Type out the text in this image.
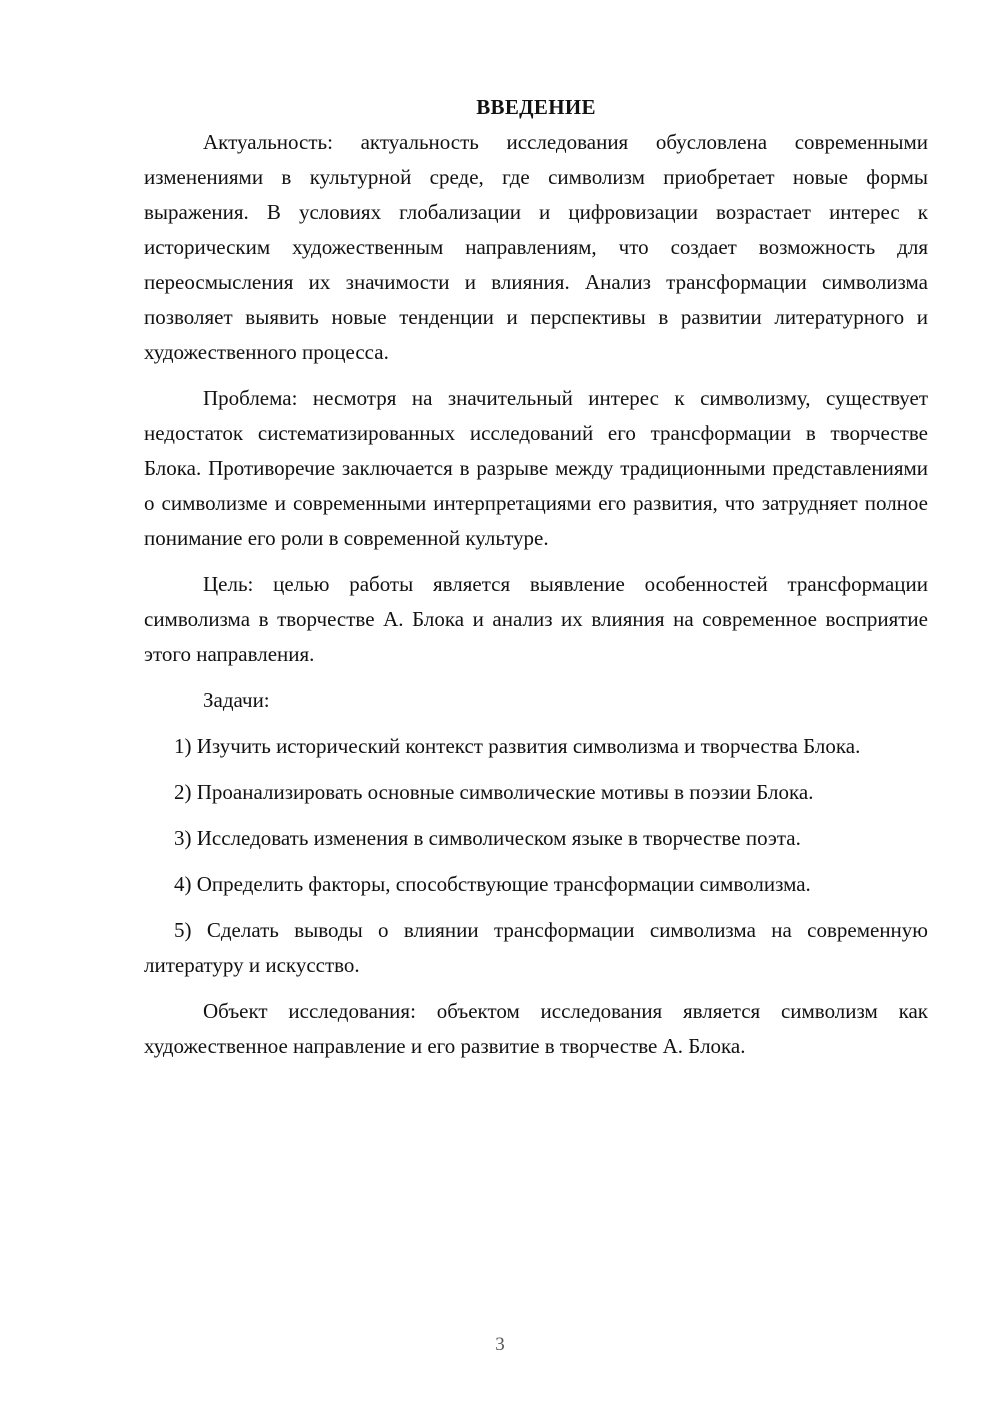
ВВЕДЕНИЕ

Актуальность: актуальность исследования обусловлена современными изменениями в культурной среде, где символизм приобретает новые формы выражения. В условиях глобализации и цифровизации возрастает интерес к историческим художественным направлениям, что создает возможность для переосмысления их значимости и влияния. Анализ трансформации символизма позволяет выявить новые тенденции и перспективы в развитии литературного и художественного процесса.

Проблема: несмотря на значительный интерес к символизму, существует недостаток систематизированных исследований его трансформации в творчестве Блока. Противоречие заключается в разрыве между традиционными представлениями о символизме и современными интерпретациями его развития, что затрудняет полное понимание его роли в современной культуре.

Цель: целью работы является выявление особенностей трансформации символизма в творчестве А. Блока и анализ их влияния на современное восприятие этого направления.

Задачи:

1) Изучить исторический контекст развития символизма и творчества Блока.

2) Проанализировать основные символические мотивы в поэзии Блока.

3) Исследовать изменения в символическом языке в творчестве поэта.

4) Определить факторы, способствующие трансформации символизма.

5) Сделать выводы о влиянии трансформации символизма на современную литературу и искусство.

Объект исследования: объектом исследования является символизм как художественное направление и его развитие в творчестве А. Блока.

3
